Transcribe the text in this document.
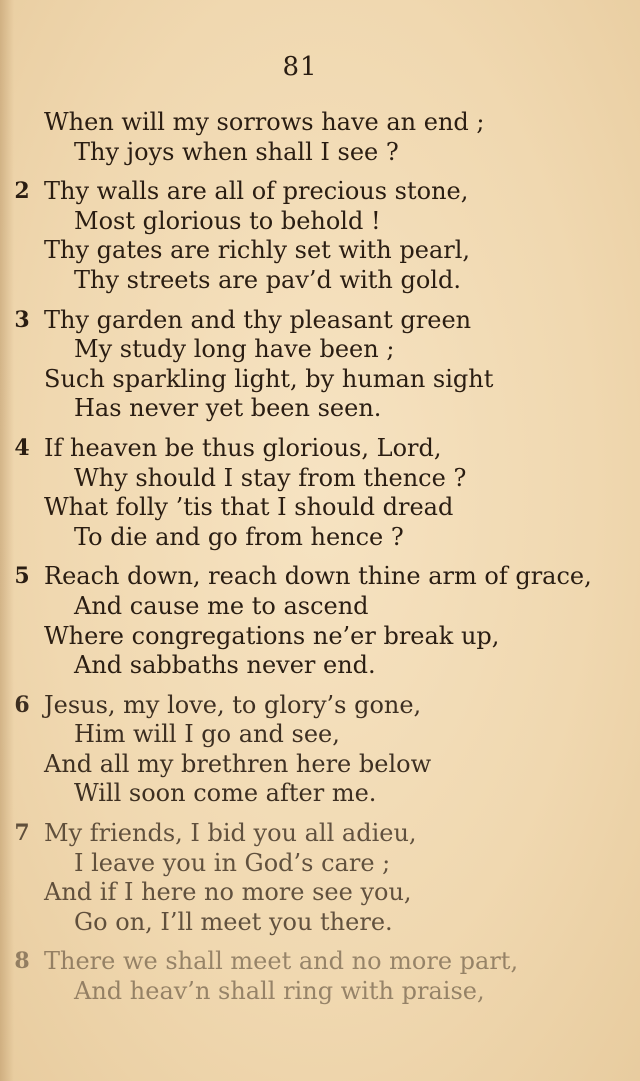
81
When will my sorrows have an end ;
Thy joys when shall I see ?
2 Thy walls are all of precious stone,
Most glorious to behold !
Thy gates are richly set with pearl,
Thy streets are pav’d with gold.
3 Thy garden and thy pleasant green
My study long have been ;
Such sparkling light, by human sight
Has never yet been seen.
4 If heaven be thus glorious, Lord,
Why should I stay from thence ?
What folly ’tis that I should dread
To die and go from hence ?
5 Reach down, reach down thine arm of grace,
And cause me to ascend
Where congregations ne’er break up,
And sabbaths never end.
6 Jesus, my love, to glory’s gone,
Him will I go and see,
And all my brethren here below
Will soon come after me.
7 My friends, I bid you all adieu,
I leave you in God’s care ;
And if I here no more see you,
Go on, I’ll meet you there.
8 There we shall meet and no more part,
And heav’n shall ring with praise,
